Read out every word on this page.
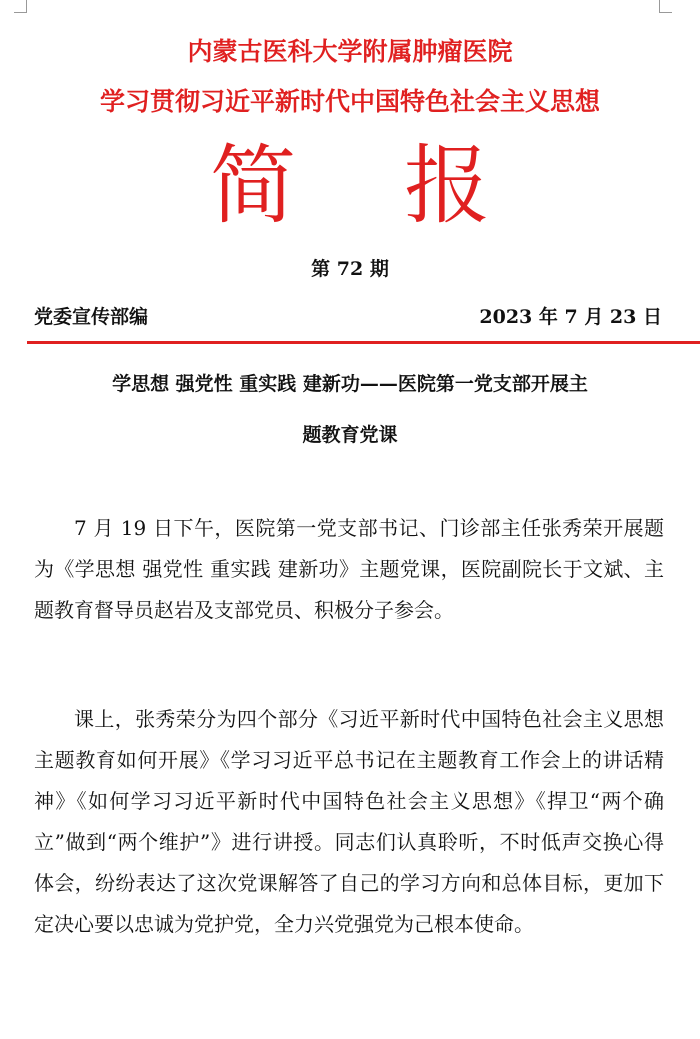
内蒙古医科大学附属肿瘤医院
学习贯彻习近平新时代中国特色社会主义思想
简 报
第 72 期
党委宣传部编	2023 年 7 月 23 日
学思想 强党性 重实践 建新功——医院第一党支部开展主
题教育党课

7 月 19 日下午，医院第一党支部书记、门诊部主任张秀荣开展题为《学思想 强党性 重实践 建新功》主题党课，医院副院长于文斌、主题教育督导员赵岩及支部党员、积极分子参会。

课上，张秀荣分为四个部分《习近平新时代中国特色社会主义思想主题教育如何开展》《学习习近平总书记在主题教育工作会上的讲话精神》《如何学习习近平新时代中国特色社会主义思想》《捍卫“两个确立”做到“两个维护”》进行讲授。同志们认真聆听，不时低声交换心得体会，纷纷表达了这次党课解答了自己的学习方向和总体目标，更加下定决心要以忠诚为党护党，全力兴党强党为己根本使命。
